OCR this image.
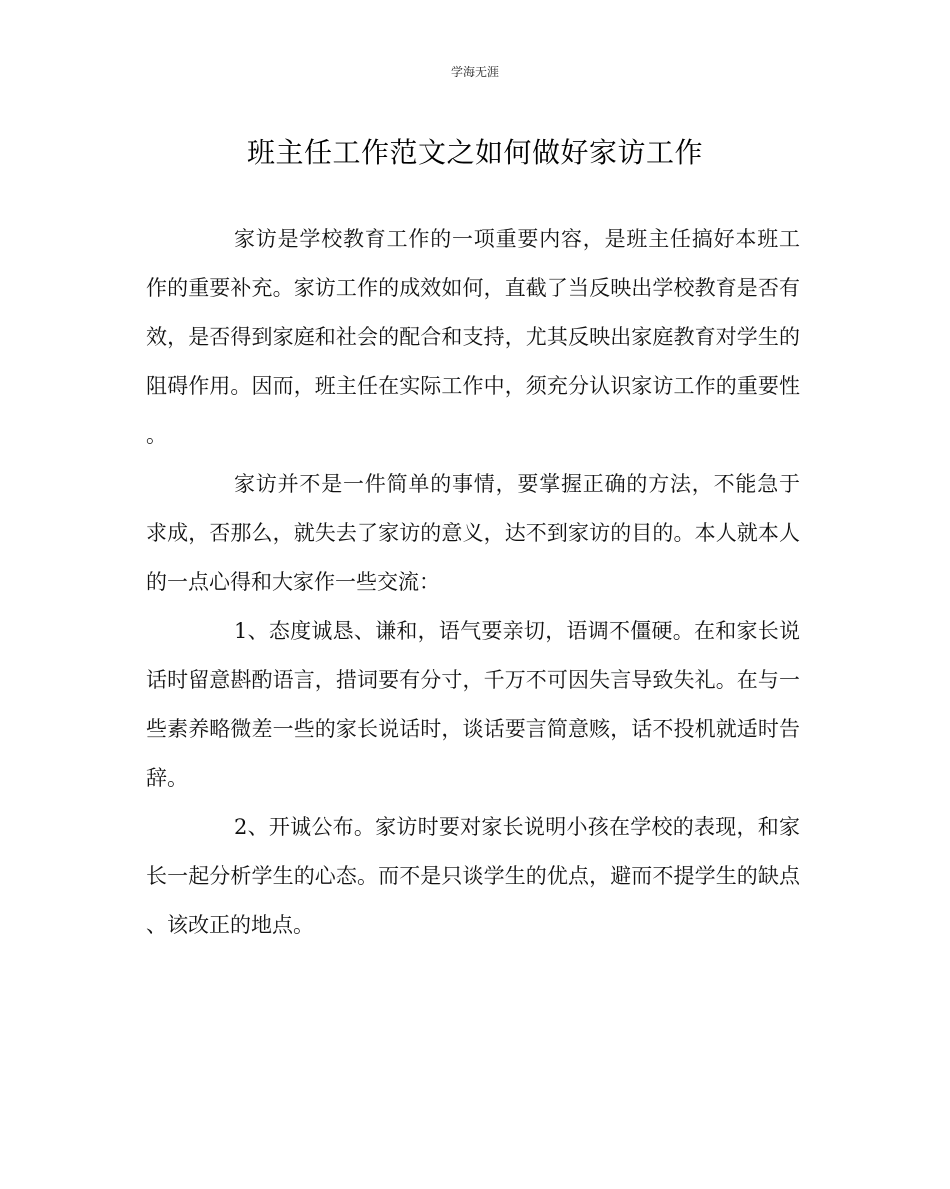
学海无涯
班主任工作范文之如何做好家访工作

家访是学校教育工作的一项重要内容，是班主任搞好本班工作的重要补充。家访工作的成效如何，直截了当反映出学校教育是否有效，是否得到家庭和社会的配合和支持，尤其反映出家庭教育对学生的阻碍作用。因而，班主任在实际工作中，须充分认识家访工作的重要性。

家访并不是一件简单的事情，要掌握正确的方法，不能急于求成，否那么，就失去了家访的意义，达不到家访的目的。本人就本人的一点心得和大家作一些交流：

1、态度诚恳、谦和，语气要亲切，语调不僵硬。在和家长说话时留意斟酌语言，措词要有分寸，千万不可因失言导致失礼。在与一些素养略微差一些的家长说话时，谈话要言简意赅，话不投机就适时告辞。

2、开诚公布。家访时要对家长说明小孩在学校的表现，和家长一起分析学生的心态。而不是只谈学生的优点，避而不提学生的缺点、该改正的地点。
